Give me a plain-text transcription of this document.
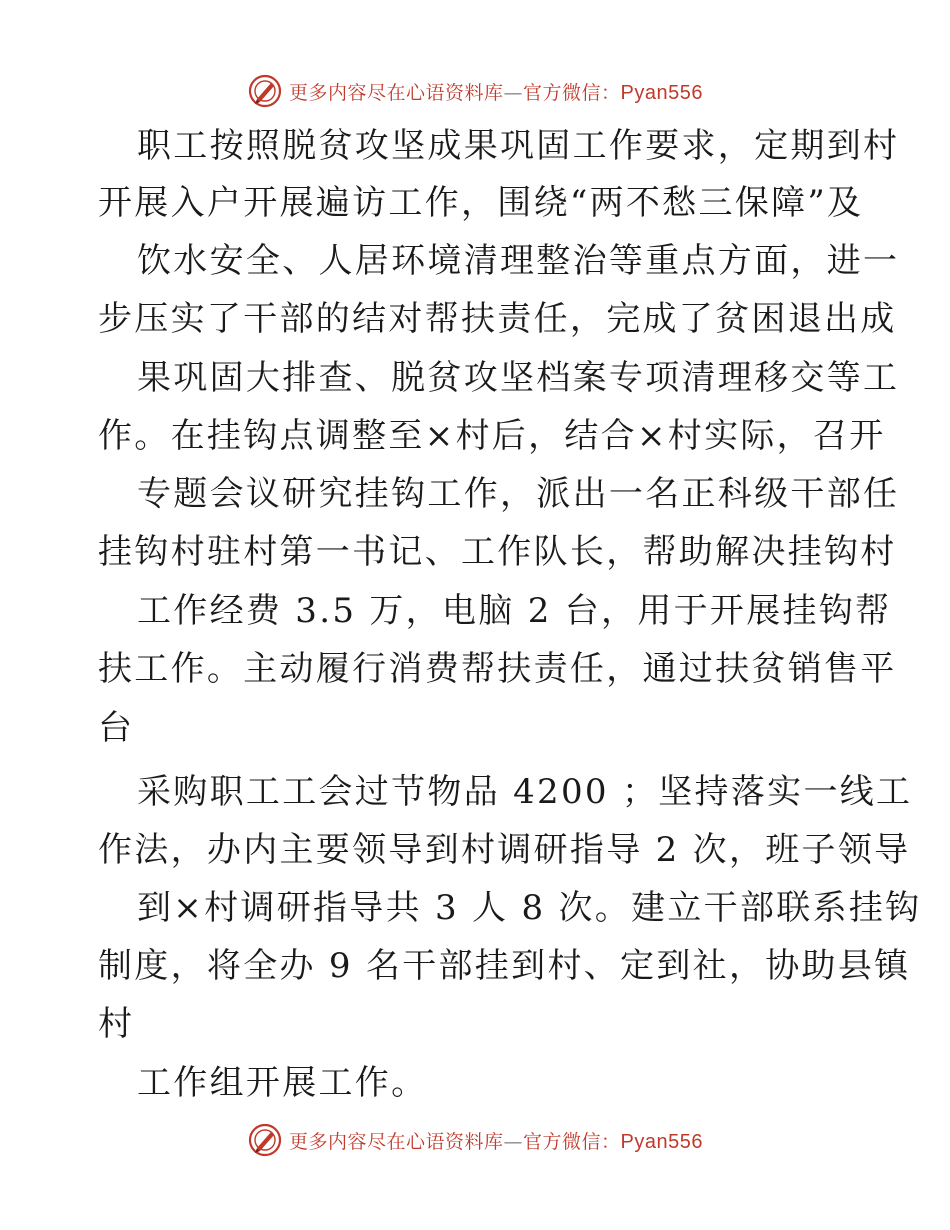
更多内容尽在心语资料库—官方微信：Pyan556
职工按照脱贫攻坚成果巩固工作要求，定期到村
开展入户开展遍访工作，围绕“两不愁三保障”及
饮水安全、人居环境清理整治等重点方面，进一
步压实了干部的结对帮扶责任，完成了贫困退出成
果巩固大排查、脱贫攻坚档案专项清理移交等工
作。在挂钩点调整至×村后，结合×村实际，召开
专题会议研究挂钩工作，派出一名正科级干部任
挂钩村驻村第一书记、工作队长，帮助解决挂钩村
工作经费 3.5 万，电脑 2 台，用于开展挂钩帮
扶工作。主动履行消费帮扶责任，通过扶贫销售平
台
采购职工工会过节物品 4200 ；坚持落实一线工
作法，办内主要领导到村调研指导 2 次，班子领导
到×村调研指导共 3 人 8 次。建立干部联系挂钩
制度，将全办 9 名干部挂到村、定到社，协助县镇
村
工作组开展工作。
更多内容尽在心语资料库—官方微信：Pyan556
